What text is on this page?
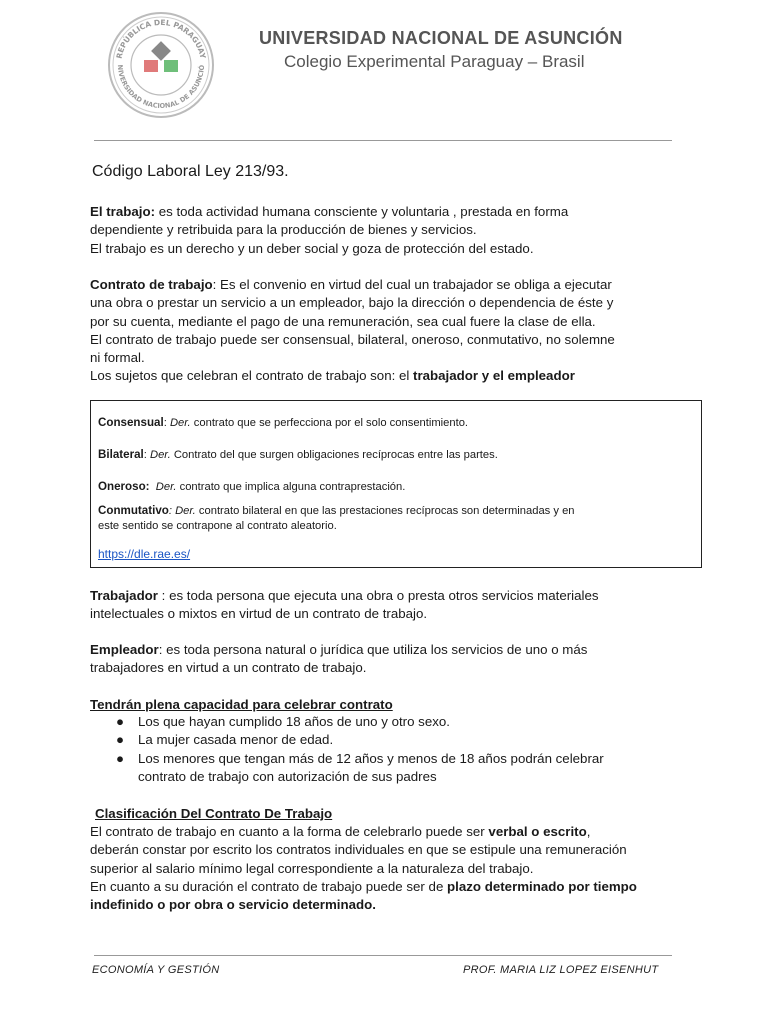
REPÚBLICA DEL PARAGUAY
NIVERSIDAD NACIONAL DE ASUNCIÓ
UNIVERSIDAD NACIONAL DE ASUNCIÓN
Colegio Experimental Paraguay – Brasil
Código Laboral Ley 213/93.
El trabajo: es toda actividad humana consciente y voluntaria , prestada en forma
dependiente y retribuida para la producción de bienes y servicios.
El trabajo es un derecho y un deber social y goza de protección del estado.
Contrato de trabajo: Es el convenio en virtud del cual un trabajador se obliga a ejecutar
una obra o prestar un servicio a un empleador, bajo la dirección o dependencia de éste y
por su cuenta, mediante el pago de una remuneración, sea cual fuere la clase de ella.
El contrato de trabajo puede ser consensual, bilateral, oneroso, conmutativo, no solemne
ni formal.
Los sujetos que celebran el contrato de trabajo son: el trabajador y el empleador
Consensual: Der. contrato que se perfecciona por el solo consentimiento.
Bilateral: Der. Contrato del que surgen obligaciones recíprocas entre las partes.
Oneroso: Der. contrato que implica alguna contraprestación.
Conmutativo: Der. contrato bilateral en que las prestaciones recíprocas son determinadas y en
este sentido se contrapone al contrato aleatorio.
https://dle.rae.es/
Trabajador : es toda persona que ejecuta una obra o presta otros servicios materiales
intelectuales o mixtos en virtud de un contrato de trabajo.
Empleador: es toda persona natural o jurídica que utiliza los servicios de uno o más
trabajadores en virtud a un contrato de trabajo.
Tendrán plena capacidad para celebrar contrato
● Los que hayan cumplido 18 años de uno y otro sexo.
● La mujer casada menor de edad.
● Los menores que tengan más de 12 años y menos de 18 años podrán celebrar
contrato de trabajo con autorización de sus padres
Clasificación Del Contrato De Trabajo
El contrato de trabajo en cuanto a la forma de celebrarlo puede ser verbal o escrito,
deberán constar por escrito los contratos individuales en que se estipule una remuneración
superior al salario mínimo legal correspondiente a la naturaleza del trabajo.
En cuanto a su duración el contrato de trabajo puede ser de plazo determinado por tiempo
indefinido o por obra o servicio determinado.
ECONOMÍA Y GESTIÓN	PROF. MARIA LIZ LOPEZ EISENHUT
